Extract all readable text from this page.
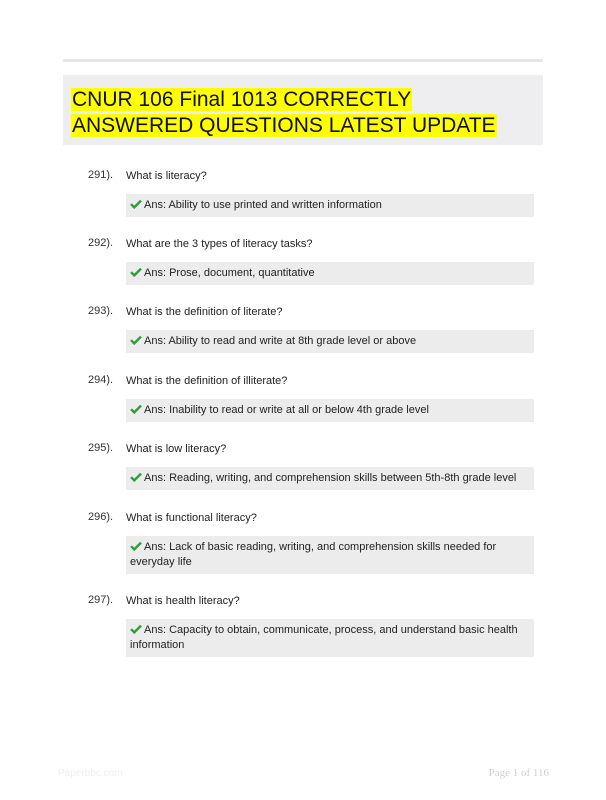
CNUR 106 Final 1013 CORRECTLY ANSWERED QUESTIONS LATEST UPDATE
291). What is literacy?
Ans: Ability to use printed and written information
292). What are the 3 types of literacy tasks?
Ans: Prose, document, quantitative
293). What is the definition of literate?
Ans: Ability to read and write at 8th grade level or above
294). What is the definition of illiterate?
Ans: Inability to read or write at all or below 4th grade level
295). What is low literacy?
Ans: Reading, writing, and comprehension skills between 5th-8th grade level
296). What is functional literacy?
Ans: Lack of basic reading, writing, and comprehension skills needed for everyday life
297). What is health literacy?
Ans: Capacity to obtain, communicate, process, and understand basic health information
Paperbbc.com	Page 1 of 116
